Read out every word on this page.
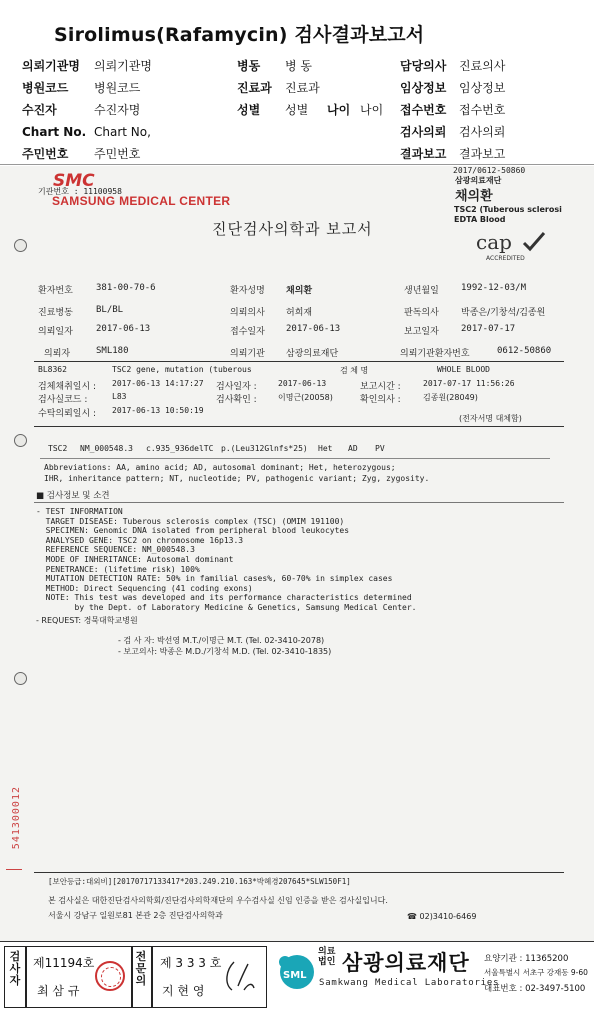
Sirolimus(Rafamycin) 검사결과보고서
의뢰기관명 의뢰기관명	병동 병 동	담당의사 진료의사
병원코드 병원코드	진료과 진료과	임상정보 임상정보
수진자	수진자명	성별 성별 나이 나이 접수번호 접수번호
Chart No. Chart No,	검사의뢰 검사의뢰
주민번호 주민번호	결과보고 결과보고
SMC
기관번호 : 11100958
SAMSUNG MEDICAL CENTER
2017/0612-50860
삼광의료재단
채의환
TSC2 (Tuberous sclerosi
EDTA Blood
진단검사의학과 보고서
cap
ACCREDITED
환자번호	381-00-70-6	환자성명 채의환	생년월일 1992-12-03/M
진료병동	BL/BL	의뢰의사 허희재	판독의사 박종은/기창석/김종원
의뢰일자	2017-06-13	접수일자 2017-06-13	보고일자 2017-07-17
의뢰자	SML180	의뢰기관 삼광의료재단	의뢰기관환자번호	0612-50860
BL8362	TSC2 gene, mutation (tuberous	검 체 명	WHOLE BLOOD
검체채취일시 : 2017-06-13 14:17:27 검사일자 :	2017-06-13	보고시간 :	2017-07-17 11:56:26
검사실코드 :	L83	검사확인 :	이명근(20058)	확인의사 :	김종원(28049)
수탁의뢰일시 : 2017-06-13 10:50:19
(전자서명 대체함)
TSC2 NM_000548.3 c.935_936delTC p.(Leu312Glnfs*25) Het AD PV
Abbreviations: AA, amino acid; AD, autosomal dominant; Het, heterozygous;
IHR, inheritance pattern; NT, nucleotide; PV, pathogenic variant; Zyg, zygosity.
■ 검사정보 및 소견
- REQUEST: 경묵대학교병원
- 검 사 자: 박선영 M.T./이명근 M.T. (Tel. 02-3410-2078)
- 보고의사: 박종은 M.D./기창석 M.D. (Tel. 02-3410-1835)
541300012
[보안등급:대외비][20170717133417*203.249.210.163*박혜경207645*SLW150F1]
본 검사실은 대한진단검사의학회/진단검사의학재단의 우수검사실 신임 인증을 받은 검사실입니다.
서울시 강남구 일원로81 본관 2층 진단검사의학과	☎ 02)3410-6469
- TEST INFORMATION
TARGET DISEASE: Tuberous sclerosis complex (TSC) (OMIM 191100)
SPECIMEN: Genomic DNA isolated from peripheral blood leukocytes
ANALYSED GENE: TSC2 on chromosome 16p13.3
REFERENCE SEQUENCE: NM_000548.3
MODE OF INHERITANCE: Autosomal dominant
PENETRANCE: (lifetime risk) 100%
MUTATION DETECTION RATE: 50% in familial cases%, 60-70% in simplex cases
METHOD: Direct Sequencing (41 coding exons)
NOTE: This test was developed and its performance characteristics determined
by the Dept. of Laboratory Medicine & Genetics, Samsung Medical Center.
검사자
제11194호
최 삼 규
전문의
제 3 3 3 호
지 현 영
SML
의료법인 삼광의료재단
Samkwang Medical Laboratories
요양기관 : 11365200
서울특별시 서초구 강재동 9-60
대표번호 : 02-3497-5100
